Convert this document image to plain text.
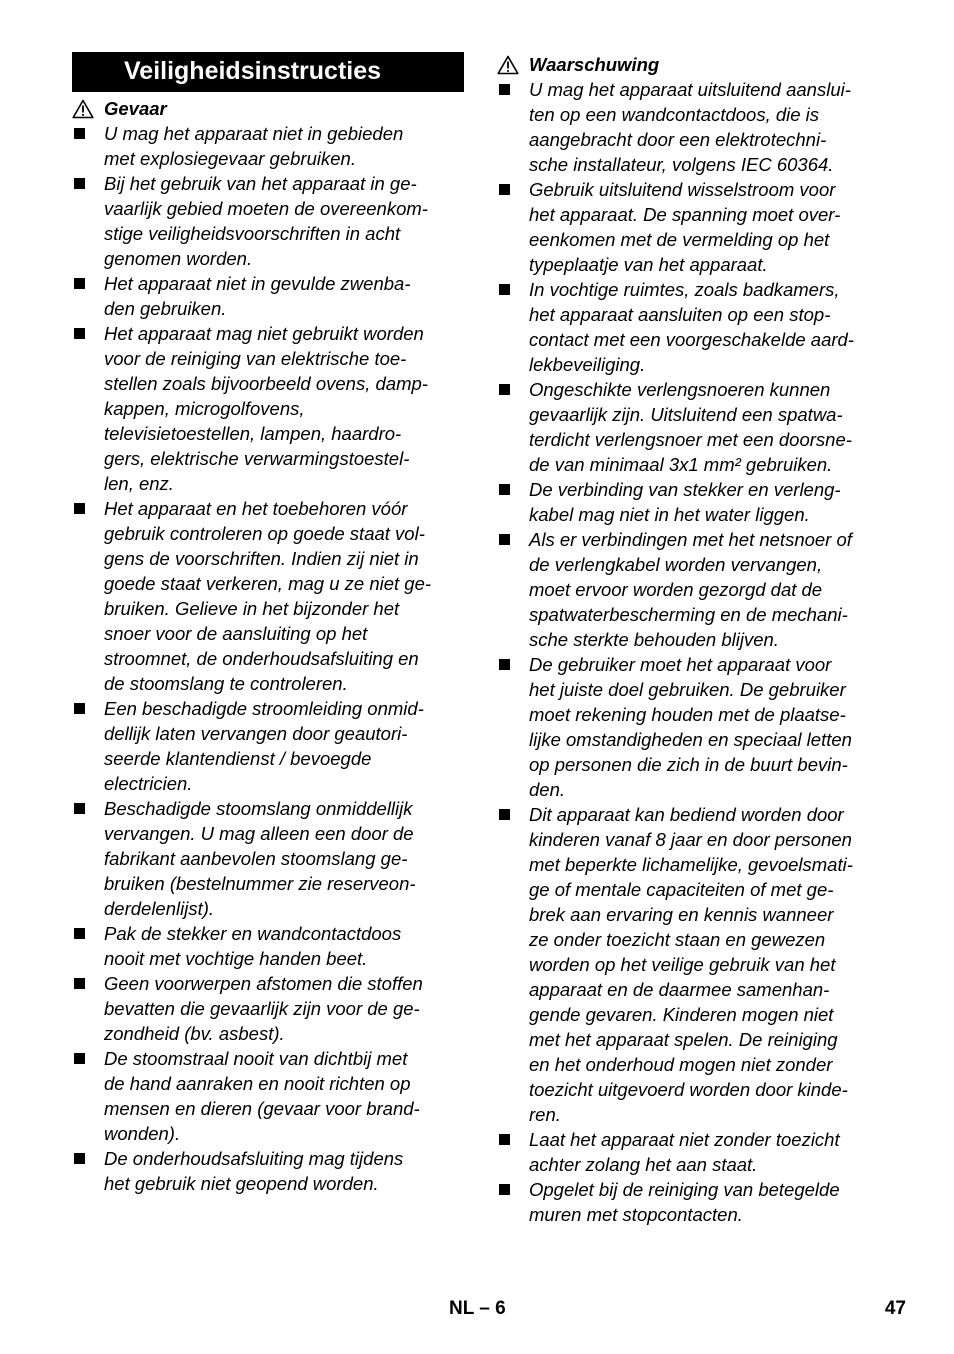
Veiligheidsinstructies
Gevaar
U mag het apparaat niet in gebieden
met explosiegevaar gebruiken.
Bij het gebruik van het apparaat in ge-
vaarlijk gebied moeten de overeenkom-
stige veiligheidsvoorschriften in acht
genomen worden.
Het apparaat niet in gevulde zwenba-
den gebruiken.
Het apparaat mag niet gebruikt worden
voor de reiniging van elektrische toe-
stellen zoals bijvoorbeeld ovens, damp-
kappen, microgolfovens,
televisietoestellen, lampen, haardro-
gers, elektrische verwarmingstoestel-
len, enz.
Het apparaat en het toebehoren vóór
gebruik controleren op goede staat vol-
gens de voorschriften. Indien zij niet in
goede staat verkeren, mag u ze niet ge-
bruiken. Gelieve in het bijzonder het
snoer voor de aansluiting op het
stroomnet, de onderhoudsafsluiting en
de stoomslang te controleren.
Een beschadigde stroomleiding onmid-
dellijk laten vervangen door geautori-
seerde klantendienst / bevoegde
electricien.
Beschadigde stoomslang onmiddellijk
vervangen. U mag alleen een door de
fabrikant aanbevolen stoomslang ge-
bruiken (bestelnummer zie reserveon-
derdelenlijst).
Pak de stekker en wandcontactdoos
nooit met vochtige handen beet.
Geen voorwerpen afstomen die stoffen
bevatten die gevaarlijk zijn voor de ge-
zondheid (bv. asbest).
De stoomstraal nooit van dichtbij met
de hand aanraken en nooit richten op
mensen en dieren (gevaar voor brand-
wonden).
De onderhoudsafsluiting mag tijdens
het gebruik niet geopend worden.
Waarschuwing
U mag het apparaat uitsluitend aanslui-
ten op een wandcontactdoos, die is
aangebracht door een elektrotechni-
sche installateur, volgens IEC 60364.
Gebruik uitsluitend wisselstroom voor
het apparaat. De spanning moet over-
eenkomen met de vermelding op het
typeplaatje van het apparaat.
In vochtige ruimtes, zoals badkamers,
het apparaat aansluiten op een stop-
contact met een voorgeschakelde aard-
lekbeveiliging.
Ongeschikte verlengsnoeren kunnen
gevaarlijk zijn. Uitsluitend een spatwa-
terdicht verlengsnoer met een doorsne-
de van minimaal 3x1 mm² gebruiken.
De verbinding van stekker en verleng-
kabel mag niet in het water liggen.
Als er verbindingen met het netsnoer of
de verlengkabel worden vervangen,
moet ervoor worden gezorgd dat de
spatwaterbescherming en de mechani-
sche sterkte behouden blijven.
De gebruiker moet het apparaat voor
het juiste doel gebruiken. De gebruiker
moet rekening houden met de plaatse-
lijke omstandigheden en speciaal letten
op personen die zich in de buurt bevin-
den.
Dit apparaat kan bediend worden door
kinderen vanaf 8 jaar en door personen
met beperkte lichamelijke, gevoelsmati-
ge of mentale capaciteiten of met ge-
brek aan ervaring en kennis wanneer
ze onder toezicht staan en gewezen
worden op het veilige gebruik van het
apparaat en de daarmee samenhan-
gende gevaren. Kinderen mogen niet
met het apparaat spelen. De reiniging
en het onderhoud mogen niet zonder
toezicht uitgevoerd worden door kinde-
ren.
Laat het apparaat niet zonder toezicht
achter zolang het aan staat.
Opgelet bij de reiniging van betegelde
muren met stopcontacten.
NL – 6	47
